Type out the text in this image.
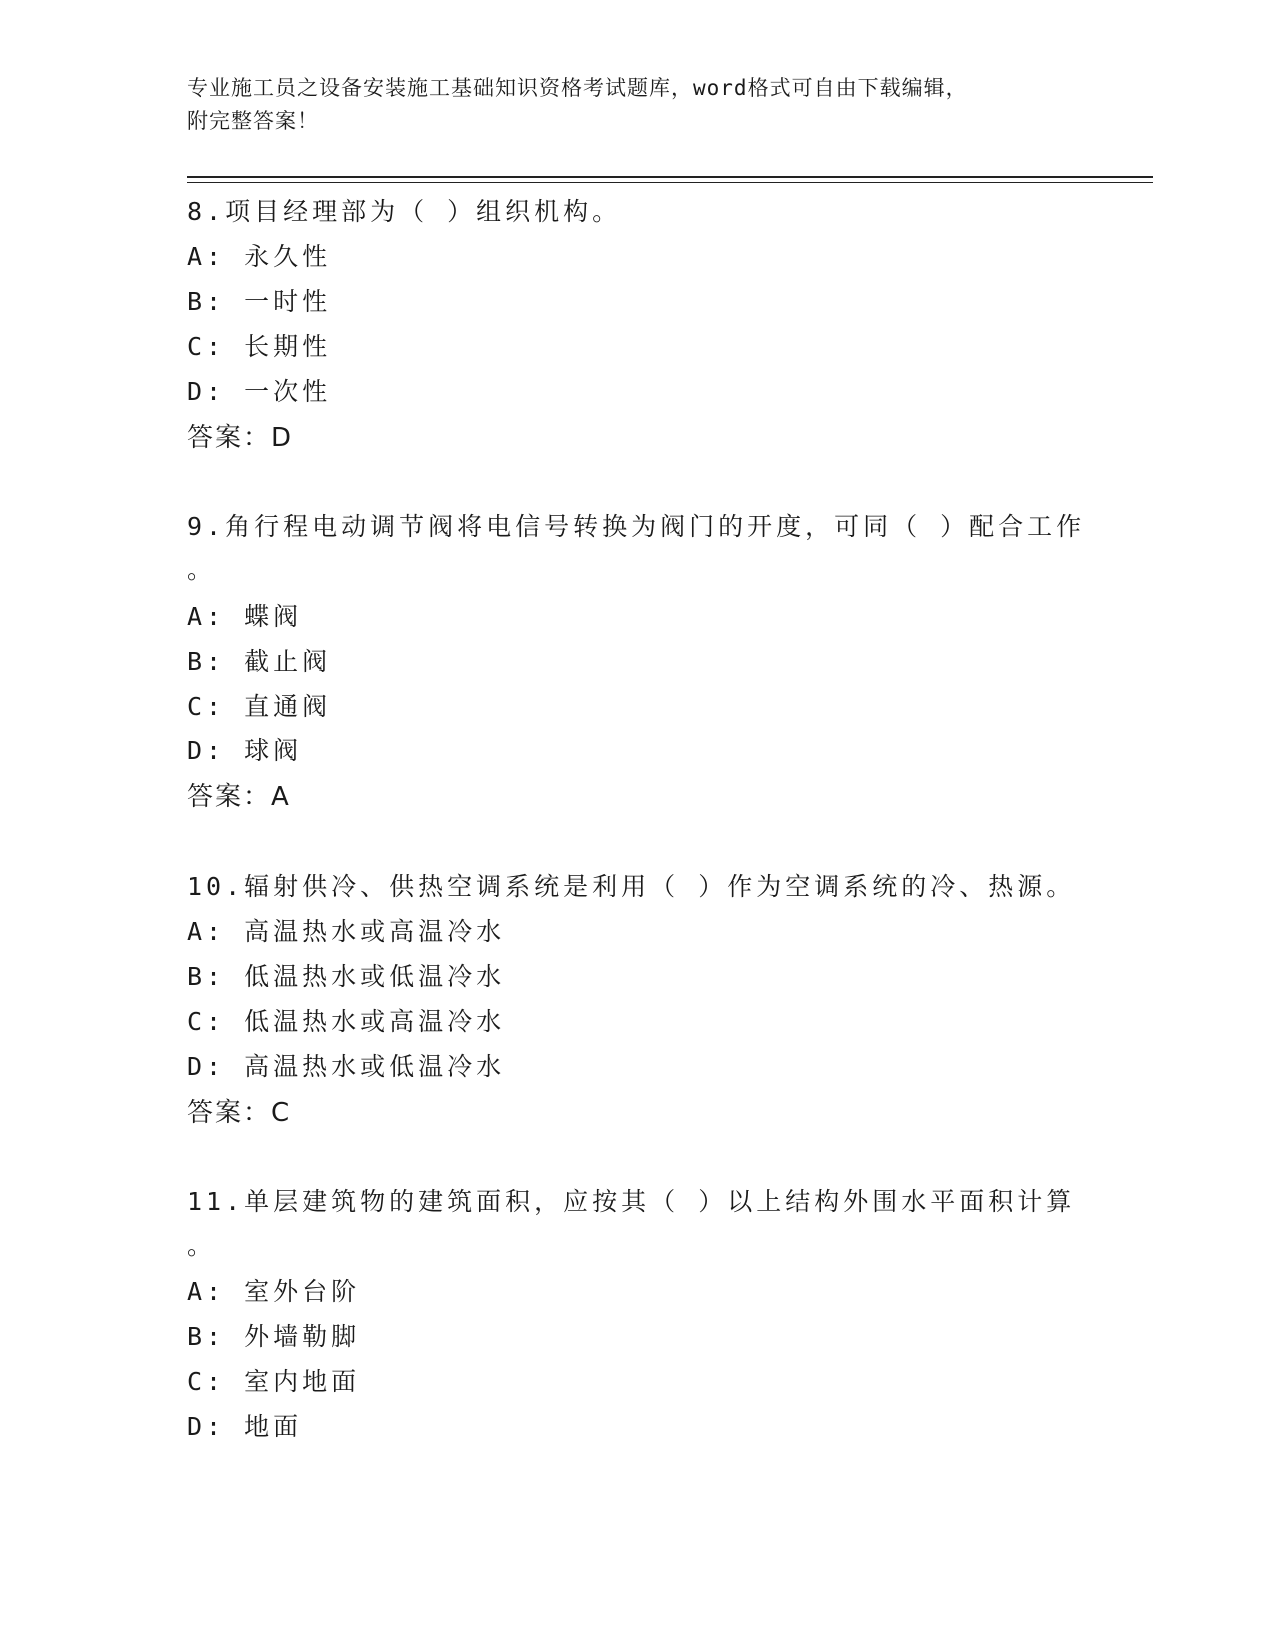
专业施工员之设备安装施工基础知识资格考试题库，word格式可自由下载编辑，
附完整答案！
8.项目经理部为（ ）组织机构。
A: 永久性
B: 一时性
C: 长期性
D: 一次性
答案：D
9.角行程电动调节阀将电信号转换为阀门的开度，可同（ ）配合工作
。
A: 蝶阀
B: 截止阀
C: 直通阀
D: 球阀
答案：A
10.辐射供冷、供热空调系统是利用（ ）作为空调系统的冷、热源。
A: 高温热水或高温冷水
B: 低温热水或低温冷水
C: 低温热水或高温冷水
D: 高温热水或低温冷水
答案：C
11.单层建筑物的建筑面积，应按其（ ）以上结构外围水平面积计算
。
A: 室外台阶
B: 外墙勒脚
C: 室内地面
D: 地面
